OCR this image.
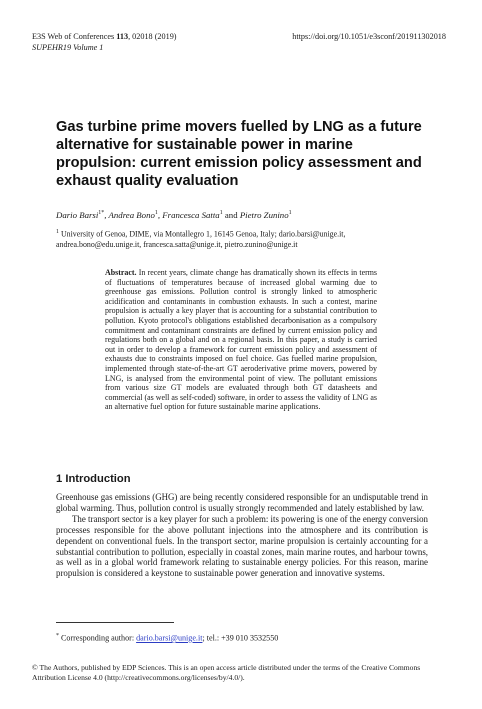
E3S Web of Conferences 113, 02018 (2019)
SUPEHR19 Volume 1
https://doi.org/10.1051/e3sconf/201911302018
Gas turbine prime movers fuelled by LNG as a future alternative for sustainable power in marine propulsion: current emission policy assessment and exhaust quality evaluation
Dario Barsi$^{1*}$, Andrea Bono$^1$, Francesca Satta$^1$ and Pietro Zunino$^1$
$^1$ University of Genoa, DIME, via Montallegro 1, 16145 Genoa, Italy; dario.barsi@unige.it,
andrea.bono@edu.unige.it, francesca.satta@unige.it, pietro.zunino@unige.it
Abstract. In recent years, climate change has dramatically shown its effects in terms of fluctuations of temperatures because of increased global warming due to greenhouse gas emissions. Pollution control is strongly linked to atmospheric acidification and contaminants in combustion exhausts. In such a contest, marine propulsion is actually a key player that is accounting for a substantial contribution to pollution. Kyoto protocol's obligations established decarbonisation as a compulsory commitment and contaminant constraints are defined by current emission policy and regulations both on a global and on a regional basis. In this paper, a study is carried out in order to develop a framework for current emission policy and assessment of exhausts due to constraints imposed on fuel choice. Gas fuelled marine propulsion, implemented through state-of-the-art GT aeroderivative prime movers, powered by LNG, is analysed from the environmental point of view. The pollutant emissions from various size GT models are evaluated through both GT datasheets and commercial (as well as self-coded) software, in order to assess the validity of LNG as an alternative fuel option for future sustainable marine applications.
1 Introduction

Greenhouse gas emissions (GHG) are being recently considered responsible for an undisputable trend in global warming. Thus, pollution control is usually strongly recommended and lately established by law.

The transport sector is a key player for such a problem: its powering is one of the energy conversion processes responsible for the above pollutant injections into the atmosphere and its contribution is dependent on conventional fuels. In the transport sector, marine propulsion is certainly accounting for a substantial contribution to pollution, especially in coastal zones, main marine routes, and harbour towns, as well as in a global world framework relating to sustainable energy policies. For this reason, marine propulsion is considered a keystone to sustainable power generation and innovative systems.

* Corresponding author: dario.barsi@unige.it; tel.: +39 010 3532550
© The Authors, published by EDP Sciences. This is an open access article distributed under the terms of the Creative Commons Attribution License 4.0 (http://creativecommons.org/licenses/by/4.0/).
